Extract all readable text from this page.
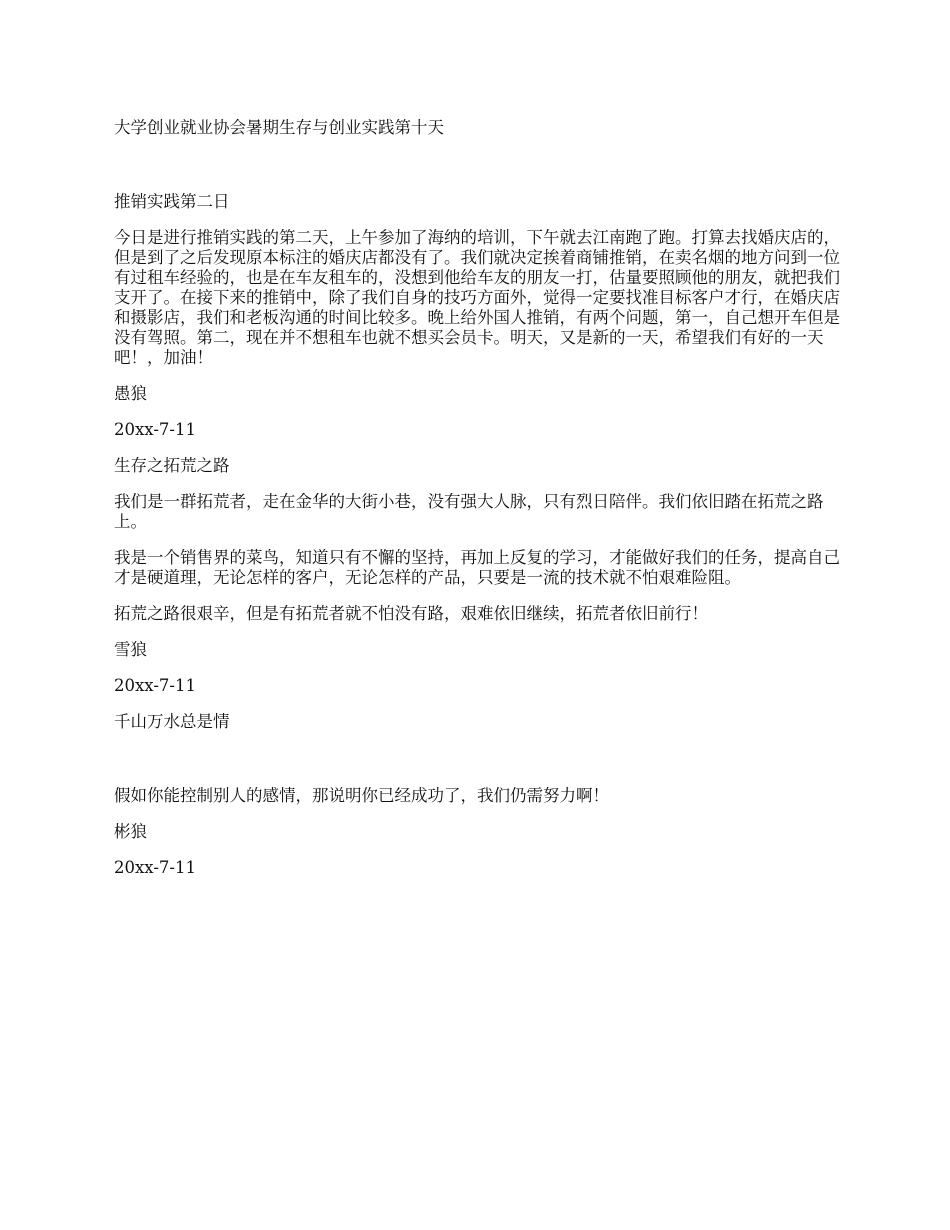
大学创业就业协会暑期生存与创业实践第十天

推销实践第二日

今日是进行推销实践的第二天，上午参加了海纳的培训，下午就去江南跑了跑。打算去找婚庆店的，但是到了之后发现原本标注的婚庆店都没有了。我们就决定挨着商铺推销，在卖名烟的地方问到一位有过租车经验的，也是在车友租车的，没想到他给车友的朋友一打，估量要照顾他的朋友，就把我们支开了。在接下来的推销中，除了我们自身的技巧方面外，觉得一定要找准目标客户才行，在婚庆店和摄影店，我们和老板沟通的时间比较多。晚上给外国人推销，有两个问题，第一，自己想开车但是没有驾照。第二，现在并不想租车也就不想买会员卡。明天，又是新的一天，希望我们有好的一天吧！，加油！

愚狼

20xx-7-11

生存之拓荒之路

我们是一群拓荒者，走在金华的大街小巷，没有强大人脉，只有烈日陪伴。我们依旧踏在拓荒之路上。

我是一个销售界的菜鸟，知道只有不懈的坚持，再加上反复的学习，才能做好我们的任务，提高自己才是硬道理，无论怎样的客户，无论怎样的产品，只要是一流的技术就不怕艰难险阻。

拓荒之路很艰辛，但是有拓荒者就不怕没有路，艰难依旧继续，拓荒者依旧前行！

雪狼

20xx-7-11

千山万水总是情

假如你能控制别人的感情，那说明你已经成功了，我们仍需努力啊！

彬狼

20xx-7-11
